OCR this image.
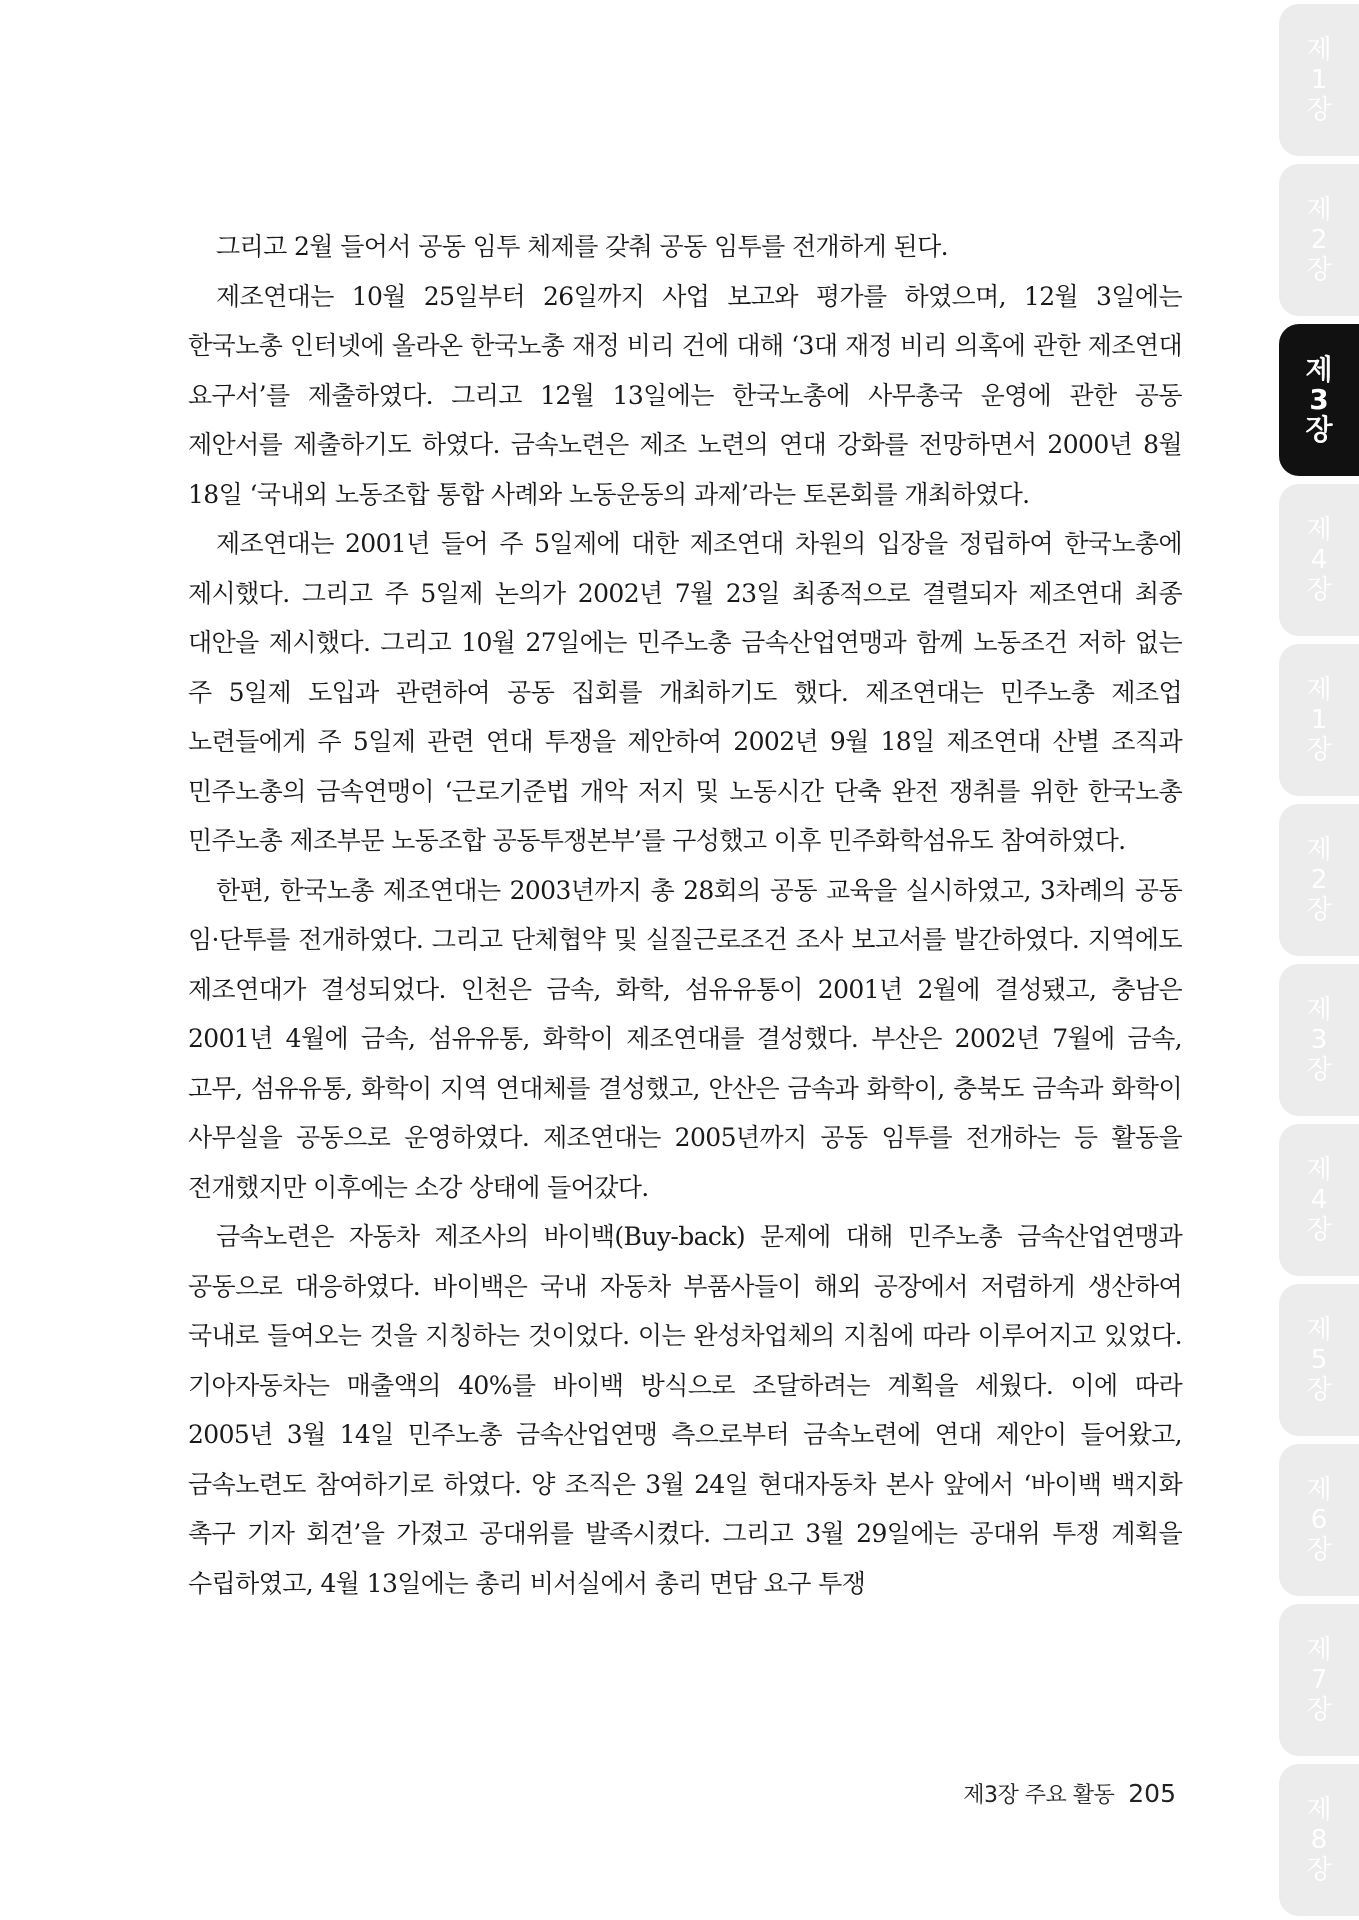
그리고 2월 들어서 공동 임투 체제를 갖춰 공동 임투를 전개하게 된다.

제조연대는 10월 25일부터 26일까지 사업 보고와 평가를 하였으며, 12월 3일에는 한국노총 인터넷에 올라온 한국노총 재정 비리 건에 대해 ‘3대 재정 비리 의혹에 관한 제조연대 요구서’를 제출하였다. 그리고 12월 13일에는 한국노총에 사무총국 운영에 관한 공동 제안서를 제출하기도 하였다. 금속노련은 제조 노련의 연대 강화를 전망하면서 2000년 8월 18일 ‘국내외 노동조합 통합 사례와 노동운동의 과제’라는 토론회를 개최하였다.

제조연대는 2001년 들어 주 5일제에 대한 제조연대 차원의 입장을 정립하여 한국노총에 제시했다. 그리고 주 5일제 논의가 2002년 7월 23일 최종적으로 결렬되자 제조연대 최종 대안을 제시했다. 그리고 10월 27일에는 민주노총 금속산업연맹과 함께 노동조건 저하 없는 주 5일제 도입과 관련하여 공동 집회를 개최하기도 했다. 제조연대는 민주노총 제조업 노련들에게 주 5일제 관련 연대 투쟁을 제안하여 2002년 9월 18일 제조연대 산별 조직과 민주노총의 금속연맹이 ‘근로기준법 개악 저지 및 노동시간 단축 완전 쟁취를 위한 한국노총 민주노총 제조부문 노동조합 공동투쟁본부’를 구성했고 이후 민주화학섬유도 참여하였다.

한편, 한국노총 제조연대는 2003년까지 총 28회의 공동 교육을 실시하였고, 3차례의 공동 임·단투를 전개하였다. 그리고 단체협약 및 실질근로조건 조사 보고서를 발간하였다. 지역에도 제조연대가 결성되었다. 인천은 금속, 화학, 섬유유통이 2001년 2월에 결성됐고, 충남은 2001년 4월에 금속, 섬유유통, 화학이 제조연대를 결성했다. 부산은 2002년 7월에 금속, 고무, 섬유유통, 화학이 지역 연대체를 결성했고, 안산은 금속과 화학이, 충북도 금속과 화학이 사무실을 공동으로 운영하였다. 제조연대는 2005년까지 공동 임투를 전개하는 등 활동을 전개했지만 이후에는 소강 상태에 들어갔다.

금속노련은 자동차 제조사의 바이백(Buy-back) 문제에 대해 민주노총 금속산업연맹과 공동으로 대응하였다. 바이백은 국내 자동차 부품사들이 해외 공장에서 저렴하게 생산하여 국내로 들여오는 것을 지칭하는 것이었다. 이는 완성차업체의 지침에 따라 이루어지고 있었다. 기아자동차는 매출액의 40%를 바이백 방식으로 조달하려는 계획을 세웠다. 이에 따라 2005년 3월 14일 민주노총 금속산업연맹 측으로부터 금속노련에 연대 제안이 들어왔고, 금속노련도 참여하기로 하였다. 양 조직은 3월 24일 현대자동차 본사 앞에서 ‘바이백 백지화 촉구 기자 회견’을 가졌고 공대위를 발족시켰다. 그리고 3월 29일에는 공대위 투쟁 계획을 수립하였고, 4월 13일에는 총리 비서실에서 총리 면담 요구 투쟁

제3장 주요 활동 205
제
1
장
제
2
장
제
3
장
제
4
장
제
1
장
제
2
장
제
3
장
제
4
장
제
5
장
제
6
장
제
7
장
제
8
장
